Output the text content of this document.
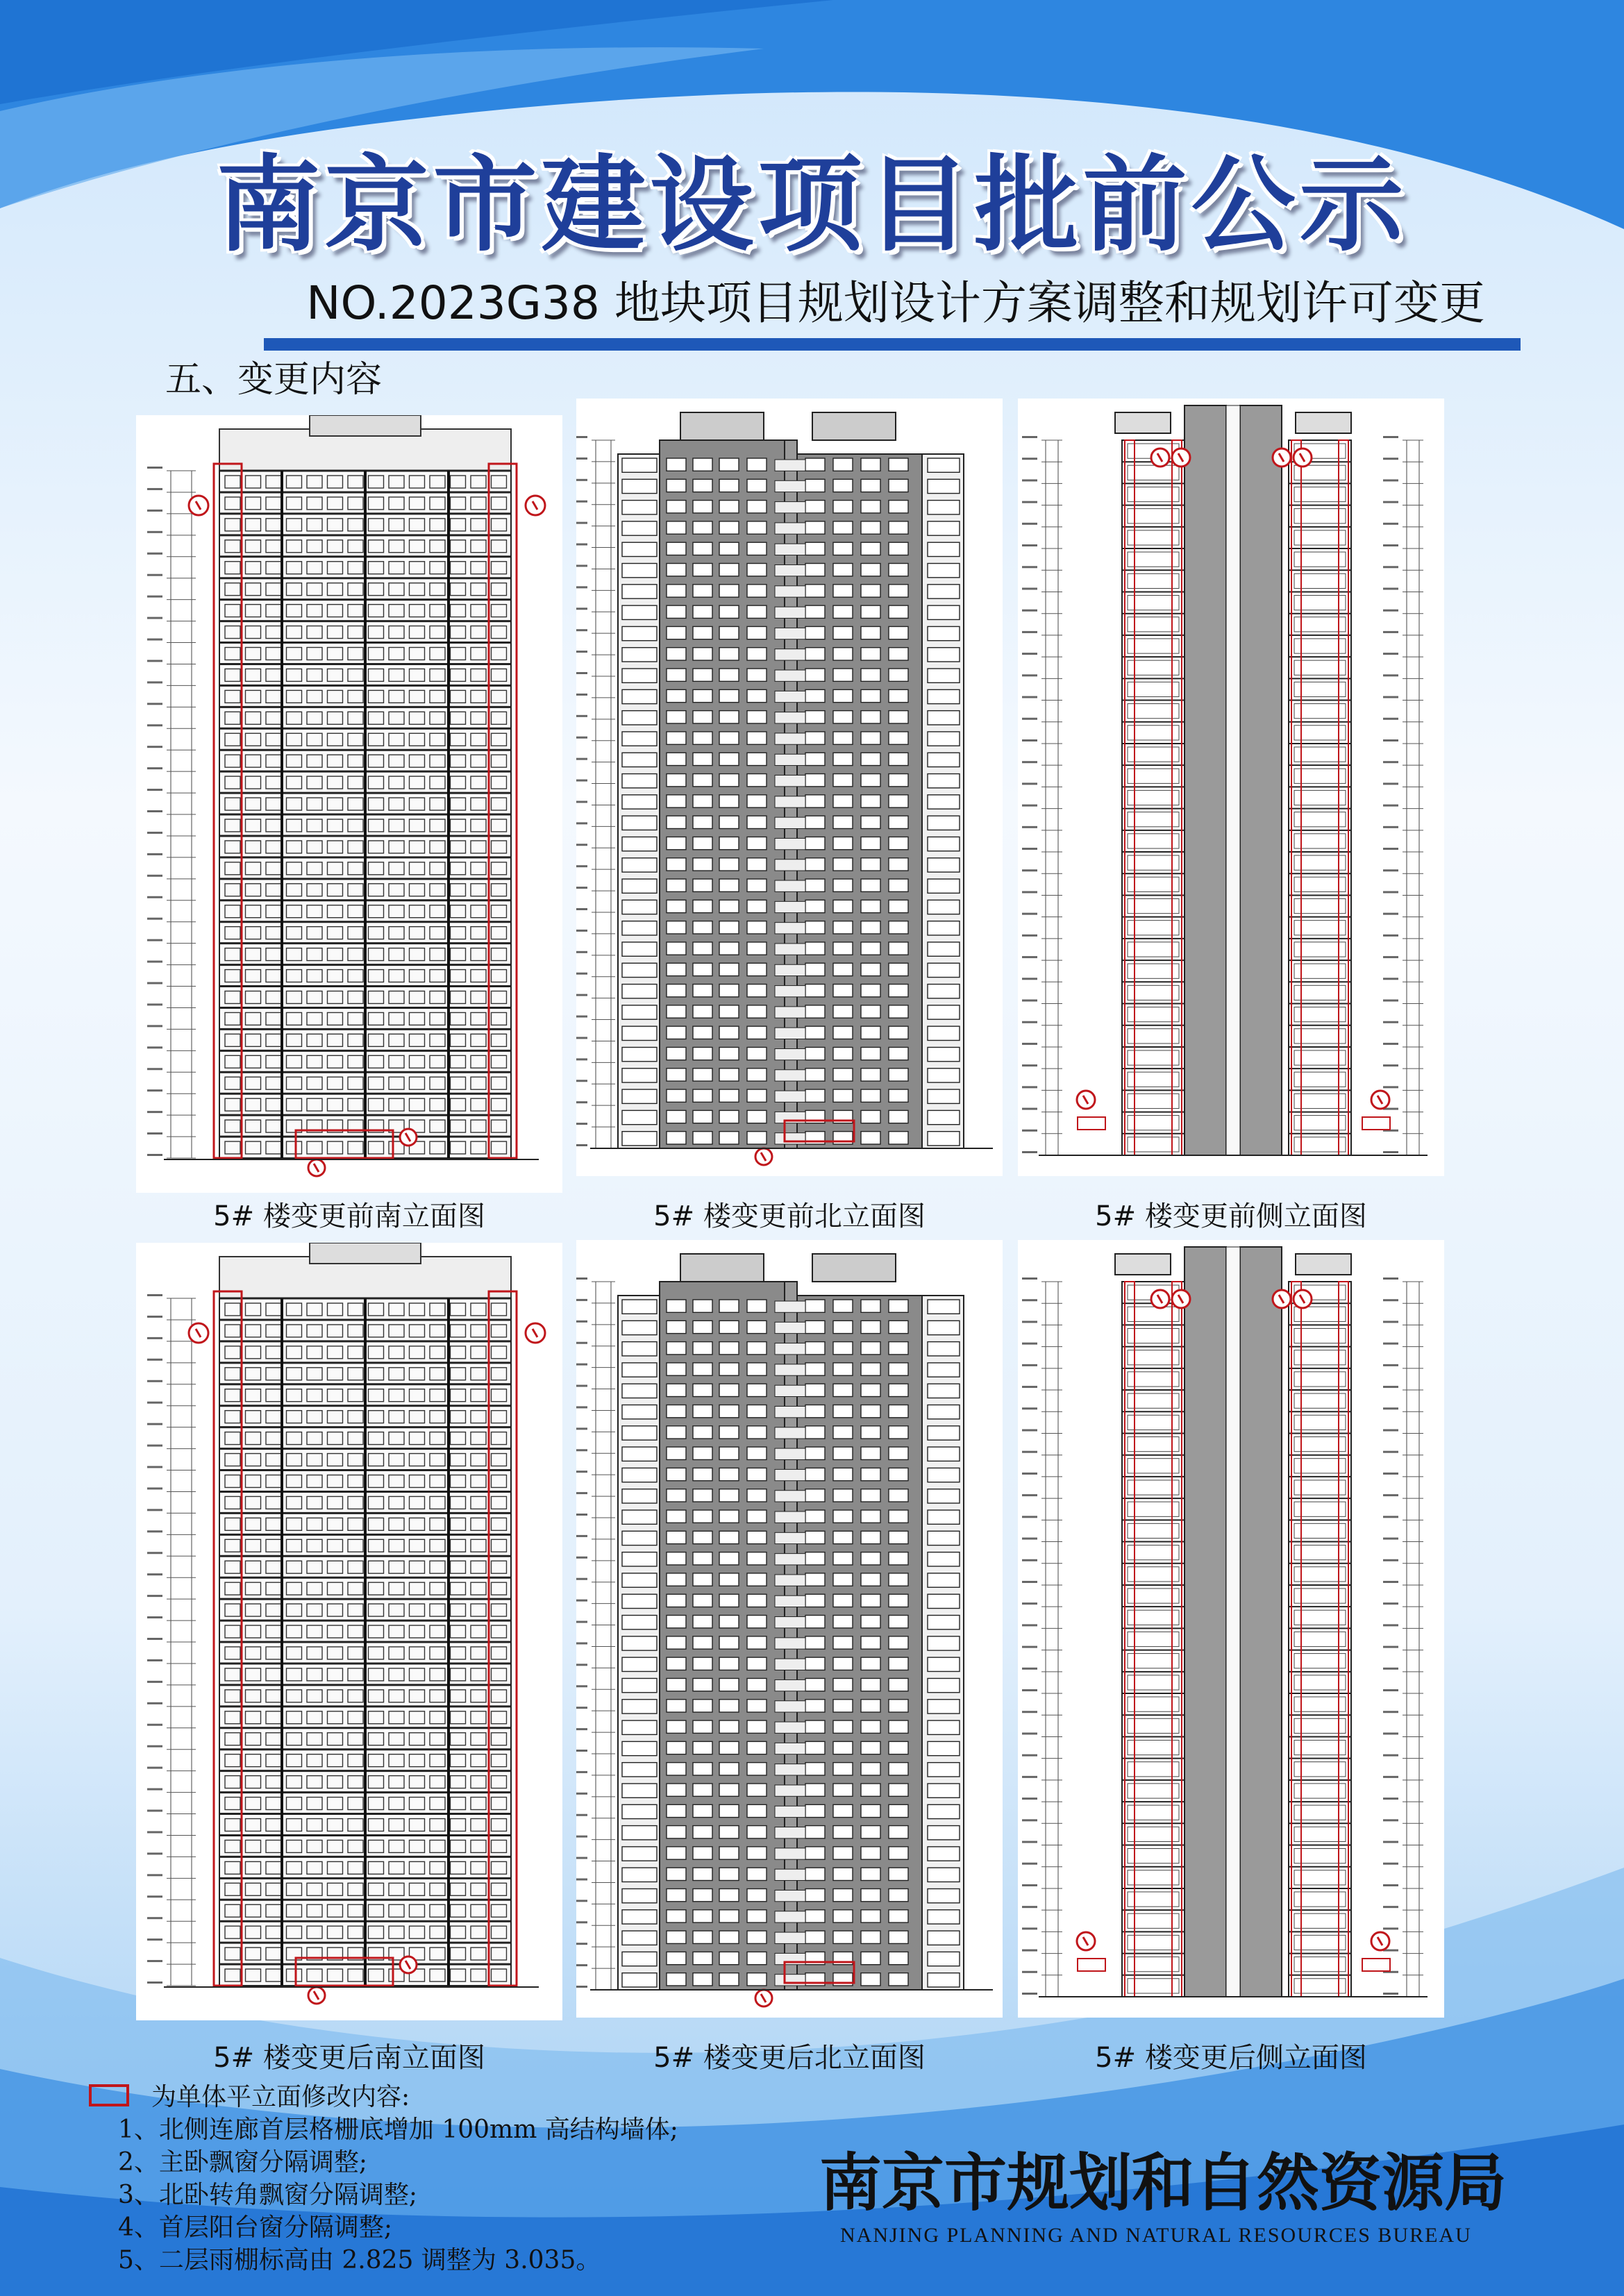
南京市建设项目批前公示
NO.2023G38 地块项目规划设计方案调整和规划许可变更
五、变更内容
5# 楼变更前南立面图	5# 楼变更前北立面图	5# 楼变更前侧立面图
5# 楼变更后南立面图	5# 楼变更后北立面图	5# 楼变更后侧立面图
为单体平立面修改内容:
1、北侧连廊首层格栅底增加 100mm 高结构墙体;
2、主卧飘窗分隔调整;
3、北卧转角飘窗分隔调整;
4、首层阳台窗分隔调整;
5、二层雨棚标高由 2.825 调整为 3.035。
南京市规划和自然资源局
NANJING PLANNING AND NATURAL RESOURCES BUREAU
